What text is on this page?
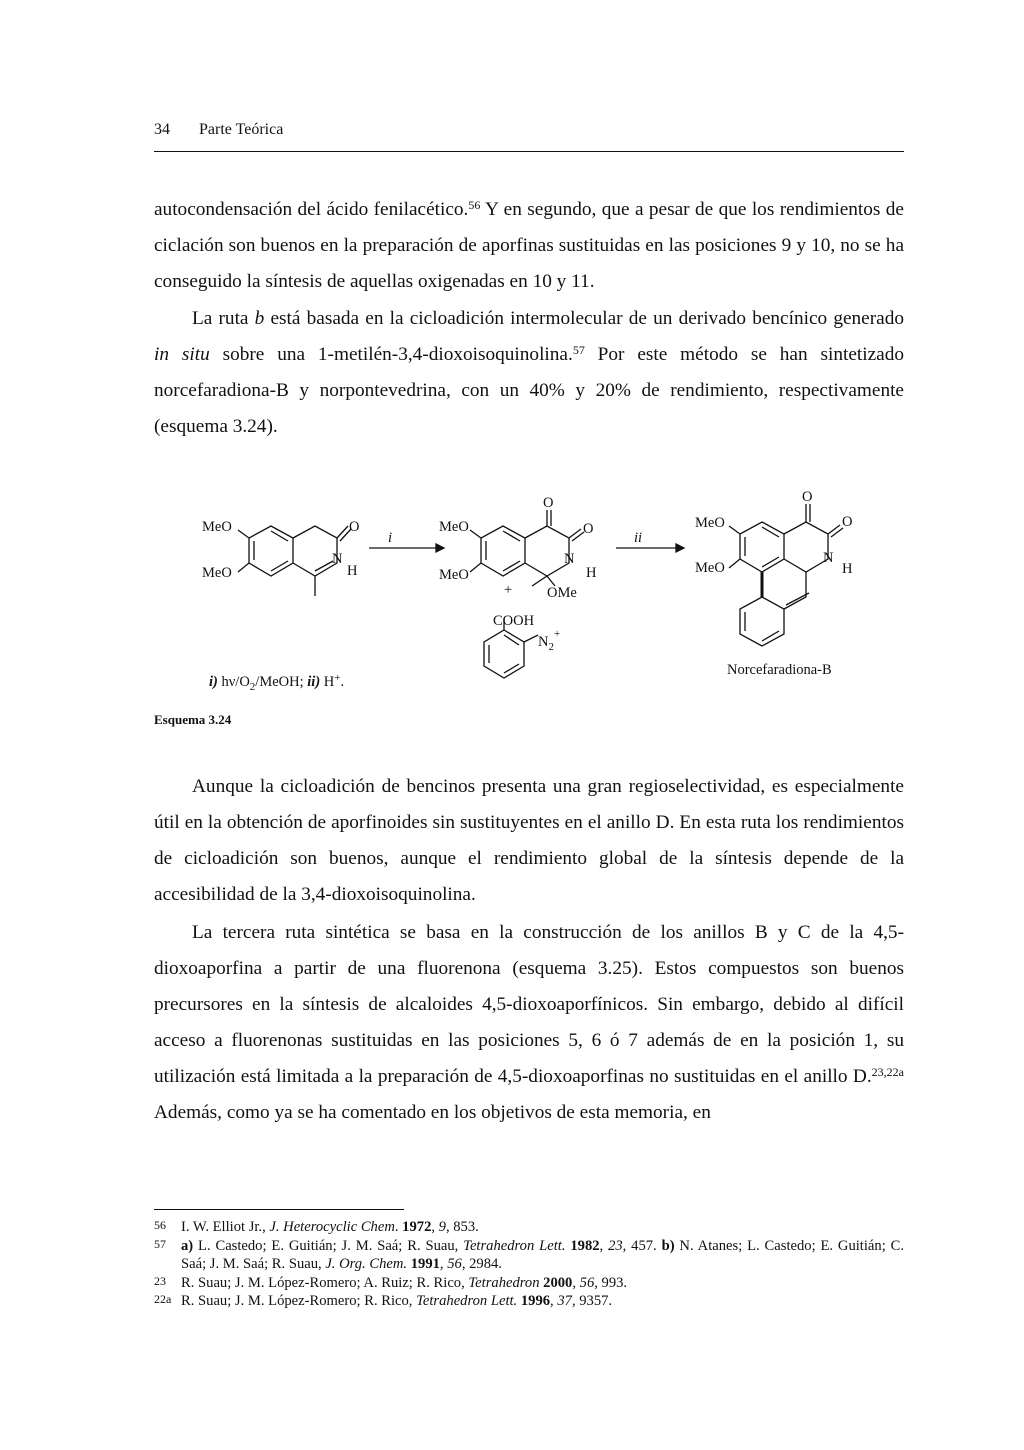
34 Parte Teórica

autocondensación del ácido fenilacético.$^{56}$ Y en segundo, que a pesar de que los rendimientos de ciclación son buenos en la preparación de aporfinas sustituidas en las posiciones 9 y 10, no se ha conseguido la síntesis de aquellas oxigenadas en 10 y 11.

La ruta b está basada en la cicloadición intermolecular de un derivado bencínico generado in situ sobre una 1-metilén-3,4-dioxoisoquinolina.$^{57}$ Por este método se han sintetizado norcefaradiona-B y norpontevedrina, con un 40% y 20% de rendimiento, respectivamente (esquema 3.24).

MeO
MeO
O
N
H
i
MeO
MeO
O
O
N
H
+ OMe
COOH
$N_2^+$
ii
MeO
MeO
O
O
N
H
Norcefaradiona-B
i) $h\nu/O_2$/MeOH; ii) H+.
Esquema 3.24

Aunque la cicloadición de bencinos presenta una gran regioselectividad, es especialmente útil en la obtención de aporfinoides sin sustituyentes en el anillo D. En esta ruta los rendimientos de cicloadición son buenos, aunque el rendimiento global de la síntesis depende de la accesibilidad de la 3,4-dioxoisoquinolina.

La tercera ruta sintética se basa en la construcción de los anillos B y C de la 4,5-dioxoaporfina a partir de una fluorenona (esquema 3.25). Estos compuestos son buenos precursores en la síntesis de alcaloides 4,5-dioxoaporfínicos. Sin embargo, debido al difícil acceso a fluorenonas sustituidas en las posiciones 5, 6 ó 7 además de en la posición 1, su utilización está limitada a la preparación de 4,5-dioxoaporfinas no sustituidas en el anillo D.$^{23,22a}$ Además, como ya se ha comentado en los objetivos de esta memoria, en

56	I. W. Elliot Jr., J. Heterocyclic Chem. 1972, 9, 853.
57	a) L. Castedo; E. Guitián; J. M. Saá; R. Suau, Tetrahedron Lett. 1982, 23, 457. b) N. Atanes; L. Castedo; E. Guitián; C. Saá; J. M. Saá; R. Suau, J. Org. Chem. 1991, 56, 2984.
23	R. Suau; J. M. López-Romero; A. Ruiz; R. Rico, Tetrahedron 2000, 56, 993.
22a R. Suau; J. M. López-Romero; R. Rico, Tetrahedron Lett. 1996, 37, 9357.
